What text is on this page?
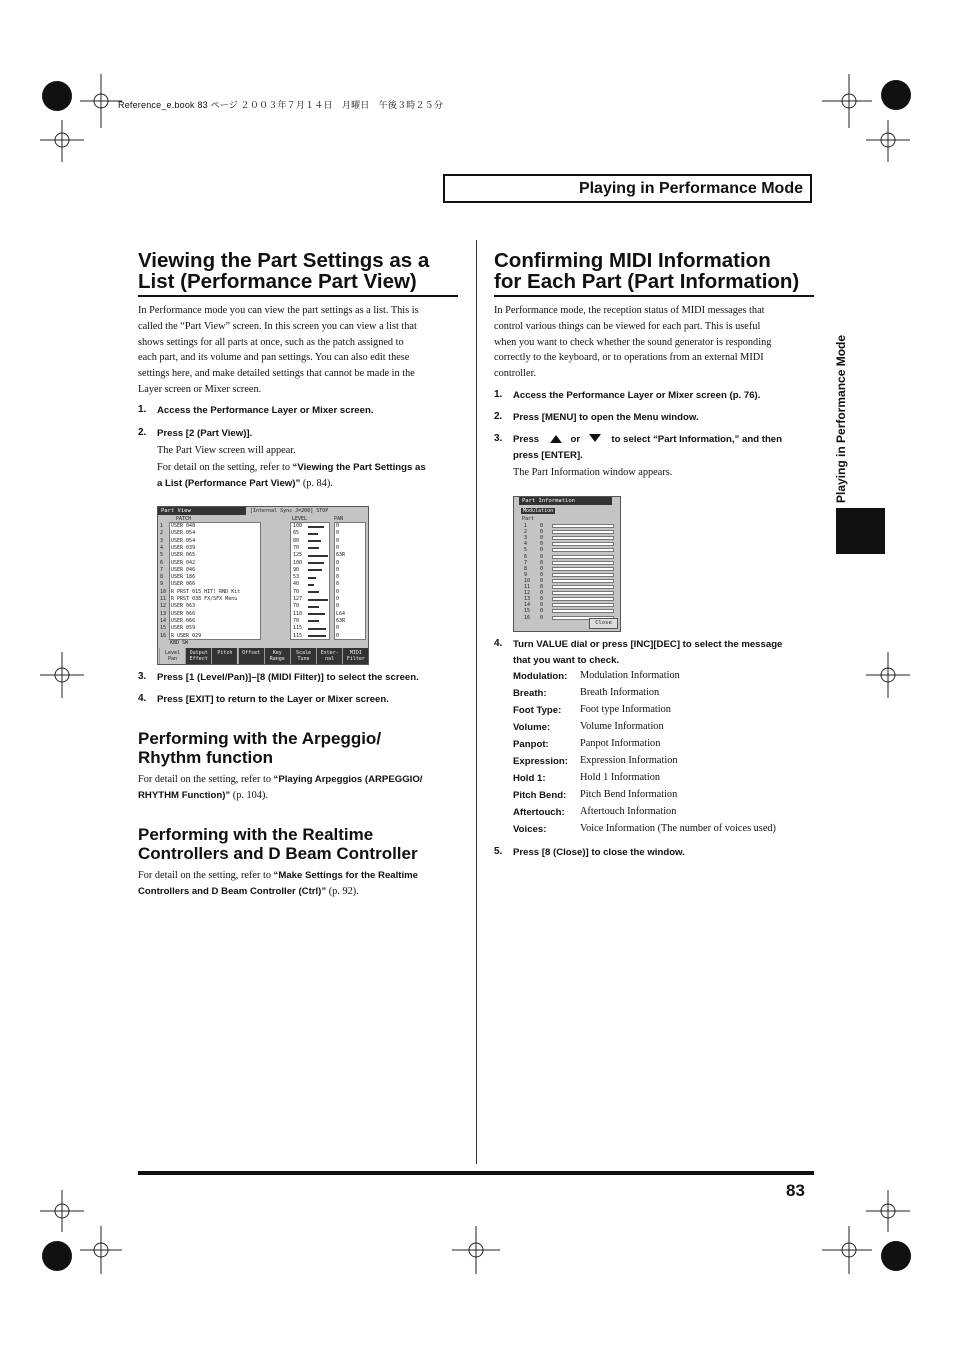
Reference_e.book 83 ページ ２００３年７月１４日　月曜日　午後３時２５分
Playing in Performance Mode
Playing in Performance Mode
Viewing the Part Settings as a
List (Performance Part View)
In Performance mode you can view the part settings as a list. This is
called the “Part View” screen. In this screen you can view a list that
shows settings for all parts at once, such as the patch assigned to
each part, and its volume and pan settings. You can also edit these
settings here, and make detailed settings that cannot be made in the
Layer screen or Mixer screen.
1. Access the Performance Layer or Mixer screen.
2. Press [2 (Part View)].
The Part View screen will appear.
For detail on the setting, refer to “Viewing the Part Settings as
a List (Performance Part View)” (p. 84).
Part View	[Internal Sync J=200] STOP
PATCH	LEVEL	PAN
1 USER 048	100	0
2 USER 054	65	0
3 USER 054	80	0
4 USER 039	70	0
5 USER 065	125	63R
6 USER 042	100	0
7 USER 046	90	0
8 USER 186	53	0
9 USER 066	40	0
10 R PRST 015 HIT! RND Kit	70	0
11 R PRST 038 FX/SFX Menu	127	0
12 USER 063	70	0
13 USER 066	110	L64
14 USER 066	70	63R
15 USER 059	115	0
16 R USER 029	115	0
KBD SW
Level Pan
Output Effect
Pitch	Offset	Key Range
Scale Tune
Exter- nal
MIDI Filter
3. Press [1 (Level/Pan)]–[8 (MIDI Filter)] to select the screen.
4. Press [EXIT] to return to the Layer or Mixer screen.
Performing with the Arpeggio/
Rhythm function
For detail on the setting, refer to “Playing Arpeggios (ARPEGGIO/
RHYTHM Function)” (p. 104).
Performing with the Realtime
Controllers and D Beam Controller
For detail on the setting, refer to “Make Settings for the Realtime
Controllers and D Beam Controller (Ctrl)” (p. 92).
Confirming MIDI Information
for Each Part (Part Information)
In Performance mode, the reception status of MIDI messages that
control various things can be viewed for each part. This is useful
when you want to check whether the sound generator is responding
correctly to the keyboard, or to operations from an external MIDI
controller.
1. Access the Performance Layer or Mixer screen (p. 76).
2. Press [MENU] to open the Menu window.
3. Press	or	to select “Part Information,” and then
press [ENTER].
The Part Information window appears.
Part Information
Modulation
Part
1	0
2	0
3	0
4	0
5	0
6	0
7	0
8	0
9	0
10 0
11 0
12 0
13 0
14 0
15 0
16 0
Close
4. Turn VALUE dial or press [INC][DEC] to select the message
that you want to check.
Modulation: Modulation Information
Breath:	Breath Information
Foot Type: Foot type Information
Volume:	Volume Information
Panpot:	Panpot Information
Expression: Expression Information
Hold 1:	Hold 1 Information
Pitch Bend: Pitch Bend Information
Aftertouch: Aftertouch Information
Voices:	Voice Information (The number of voices used)
5. Press [8 (Close)] to close the window.
83
